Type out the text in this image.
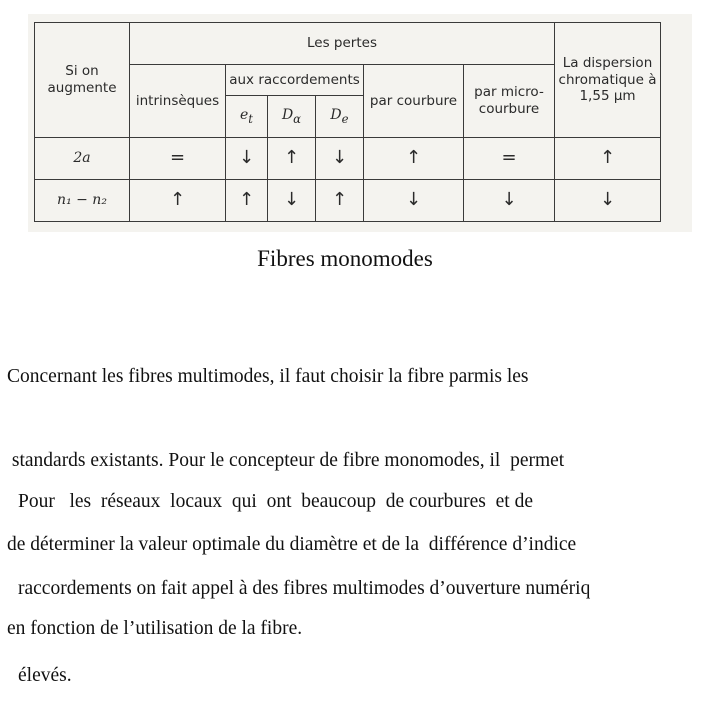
Si on augmente	Les pertes						La dispersion chromatique à 1,55 µm
	intrinsèques	aux raccordements			par courbure	par micro-courbure	
		$e_t$	$D_\alpha$	$D_e$
2a	=	↓	↑	↓	↑	=	↑
n₁ − n₂	↑	↑	↓	↑	↓	↓	↓
Fibres monomodes

Concernant les fibres multimodes, il faut choisir la fibre parmis les

standards existants. Pour le concepteur de fibre monomodes, il  permet

de déterminer la valeur optimale du diamètre et de la  différence d’indice

en fonction de l’utilisation de la fibre.

Pour   les  réseaux  locaux  qui  ont  beaucoup  de courbures  et de

raccordements on fait appel à des fibres multimodes d’ouverture numériq

élevés.
